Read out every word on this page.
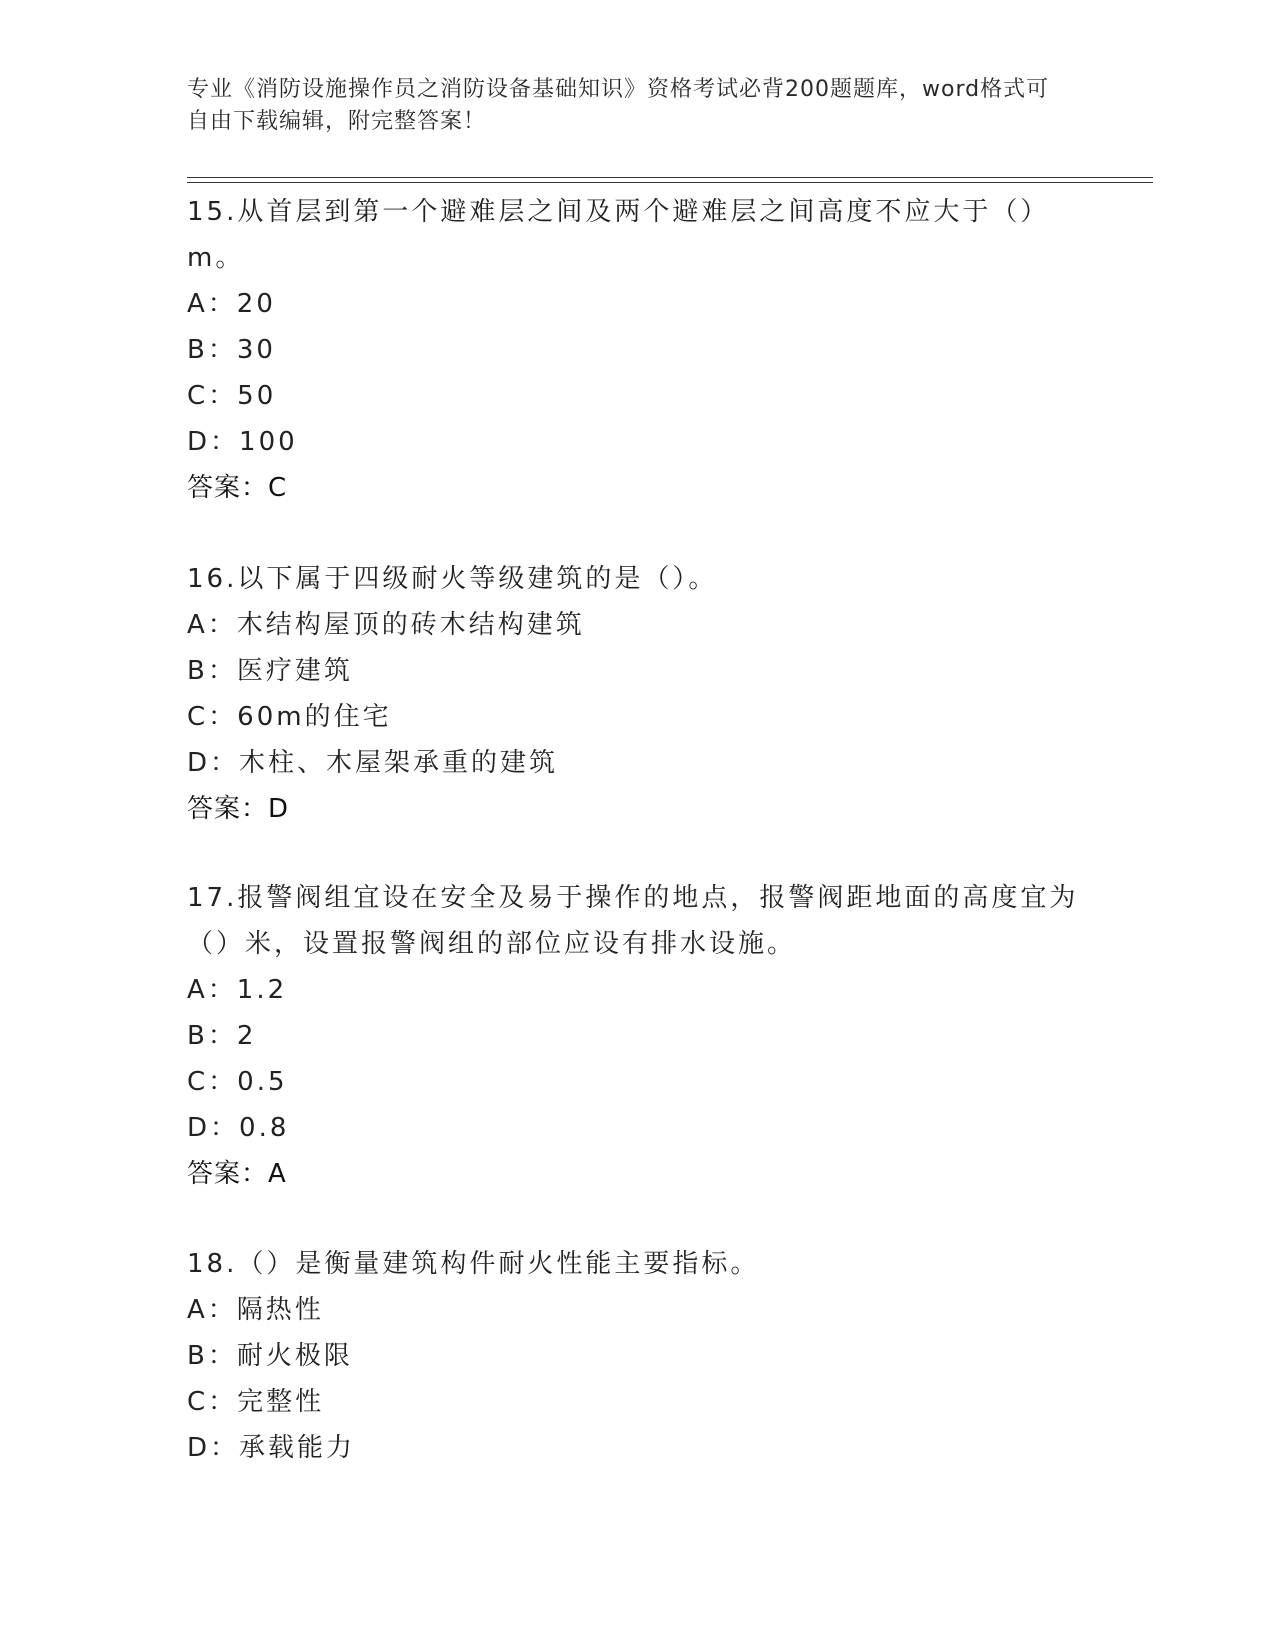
专业《消防设施操作员之消防设备基础知识》资格考试必背200题题库，word格式可自由下载编辑，附完整答案！

15.从首层到第一个避难层之间及两个避难层之间高度不应大于（）m。

A：20
B：30
C：50
D：100
答案：C

16.以下属于四级耐火等级建筑的是（）。

A：木结构屋顶的砖木结构建筑
B：医疗建筑
C：60m的住宅
D：木柱、木屋架承重的建筑
答案：D

17.报警阀组宜设在安全及易于操作的地点，报警阀距地面的高度宜为（）米，设置报警阀组的部位应设有排水设施。

A：1.2
B：2
C：0.5
D：0.8
答案：A

18.（）是衡量建筑构件耐火性能主要指标。

A：隔热性
B：耐火极限
C：完整性
D：承载能力
